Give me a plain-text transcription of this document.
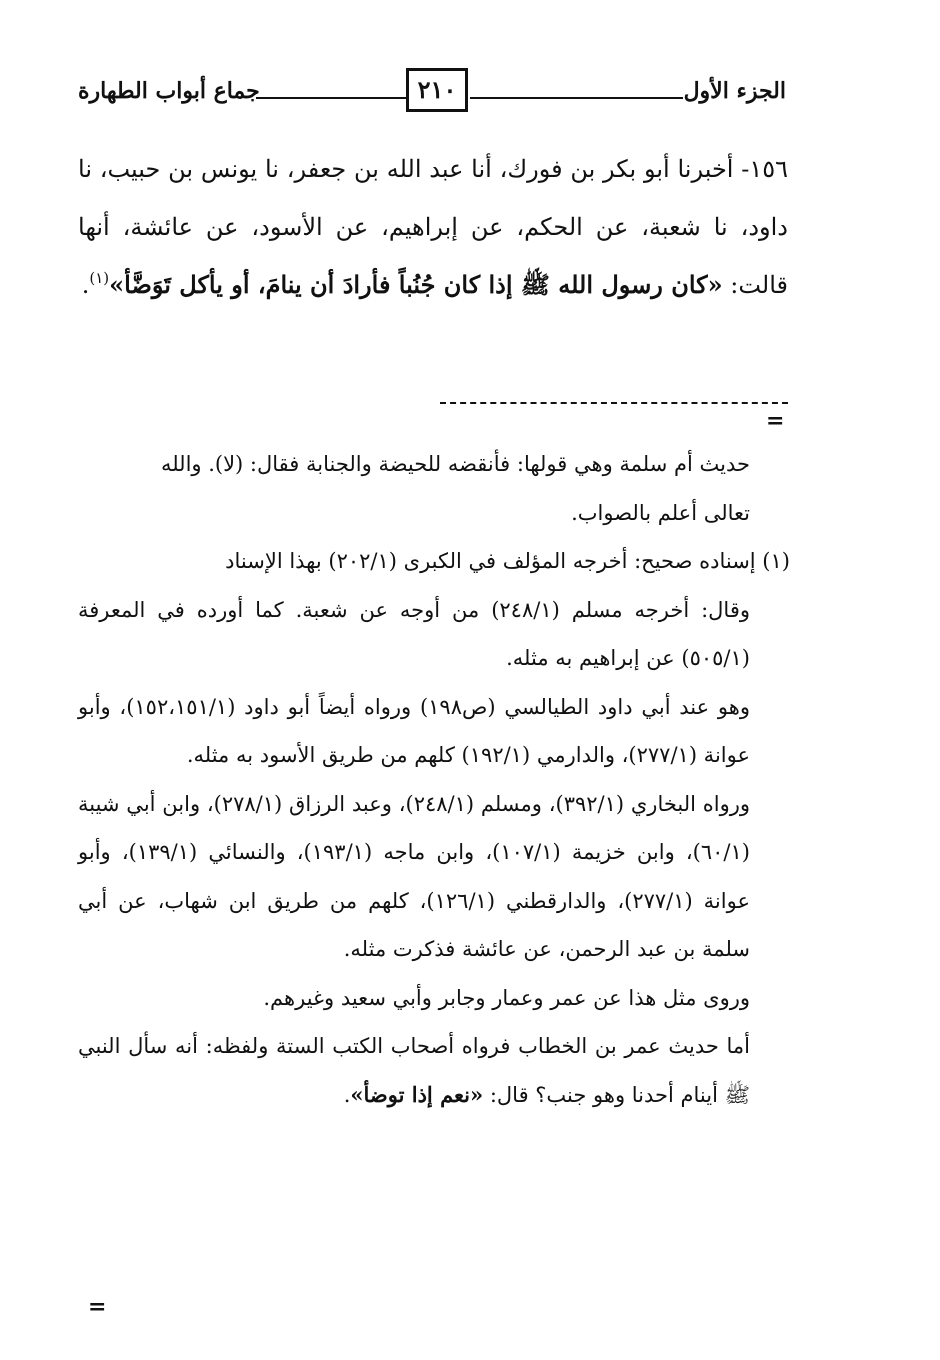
الجزء الأول
٢١٠
جماع أبواب الطهارة
١٥٦- أخبرنا أبو بكر بن فورك، أنا عبد الله بن جعفر، نا يونس بن حبيب، نا داود، نا شعبة، عن الحكم، عن إبراهيم، عن الأسود، عن عائشة، أنها قالت: «كان رسول الله ﷺ إذا كان جُنُباً فأرادَ أن ينامَ، أو يأكل تَوَضَّأ»$^{(١)}$.
=

حديث أم سلمة وهي قولها: فأنقضه للحيضة والجنابة فقال: (لا). والله

تعالى أعلم بالصواب.

(١) إسناده صحيح: أخرجه المؤلف في الكبرى (٢٠٢/١) بهذا الإسناد

وقال: أخرجه مسلم (٢٤٨/١) من أوجه عن شعبة. كما أورده في المعرفة (٥٠٥/١) عن إبراهيم به مثله.

وهو عند أبي داود الطيالسي (ص١٩٨) ورواه أيضاً أبو داود (١٥٢،١٥١/١)، وأبو عوانة (٢٧٧/١)، والدارمي (١٩٢/١) كلهم من طريق الأسود به مثله.

ورواه البخاري (٣٩٢/١)، ومسلم (٢٤٨/١)، وعبد الرزاق (٢٧٨/١)، وابن أبي شيبة (٦٠/١)، وابن خزيمة (١٠٧/١)، وابن ماجه (١٩٣/١)، والنسائي (١٣٩/١)، وأبو عوانة (٢٧٧/١)، والدارقطني (١٢٦/١)، كلهم من طريق ابن شهاب، عن أبي سلمة بن عبد الرحمن، عن عائشة فذكرت مثله.

وروى مثل هذا عن عمر وعمار وجابر وأبي سعيد وغيرهم.

أما حديث عمر بن الخطاب فرواه أصحاب الكتب الستة ولفظه: أنه سأل النبي ﷺ أينام أحدنا وهو جنب؟ قال: «نعم إذا توضأ».

=
